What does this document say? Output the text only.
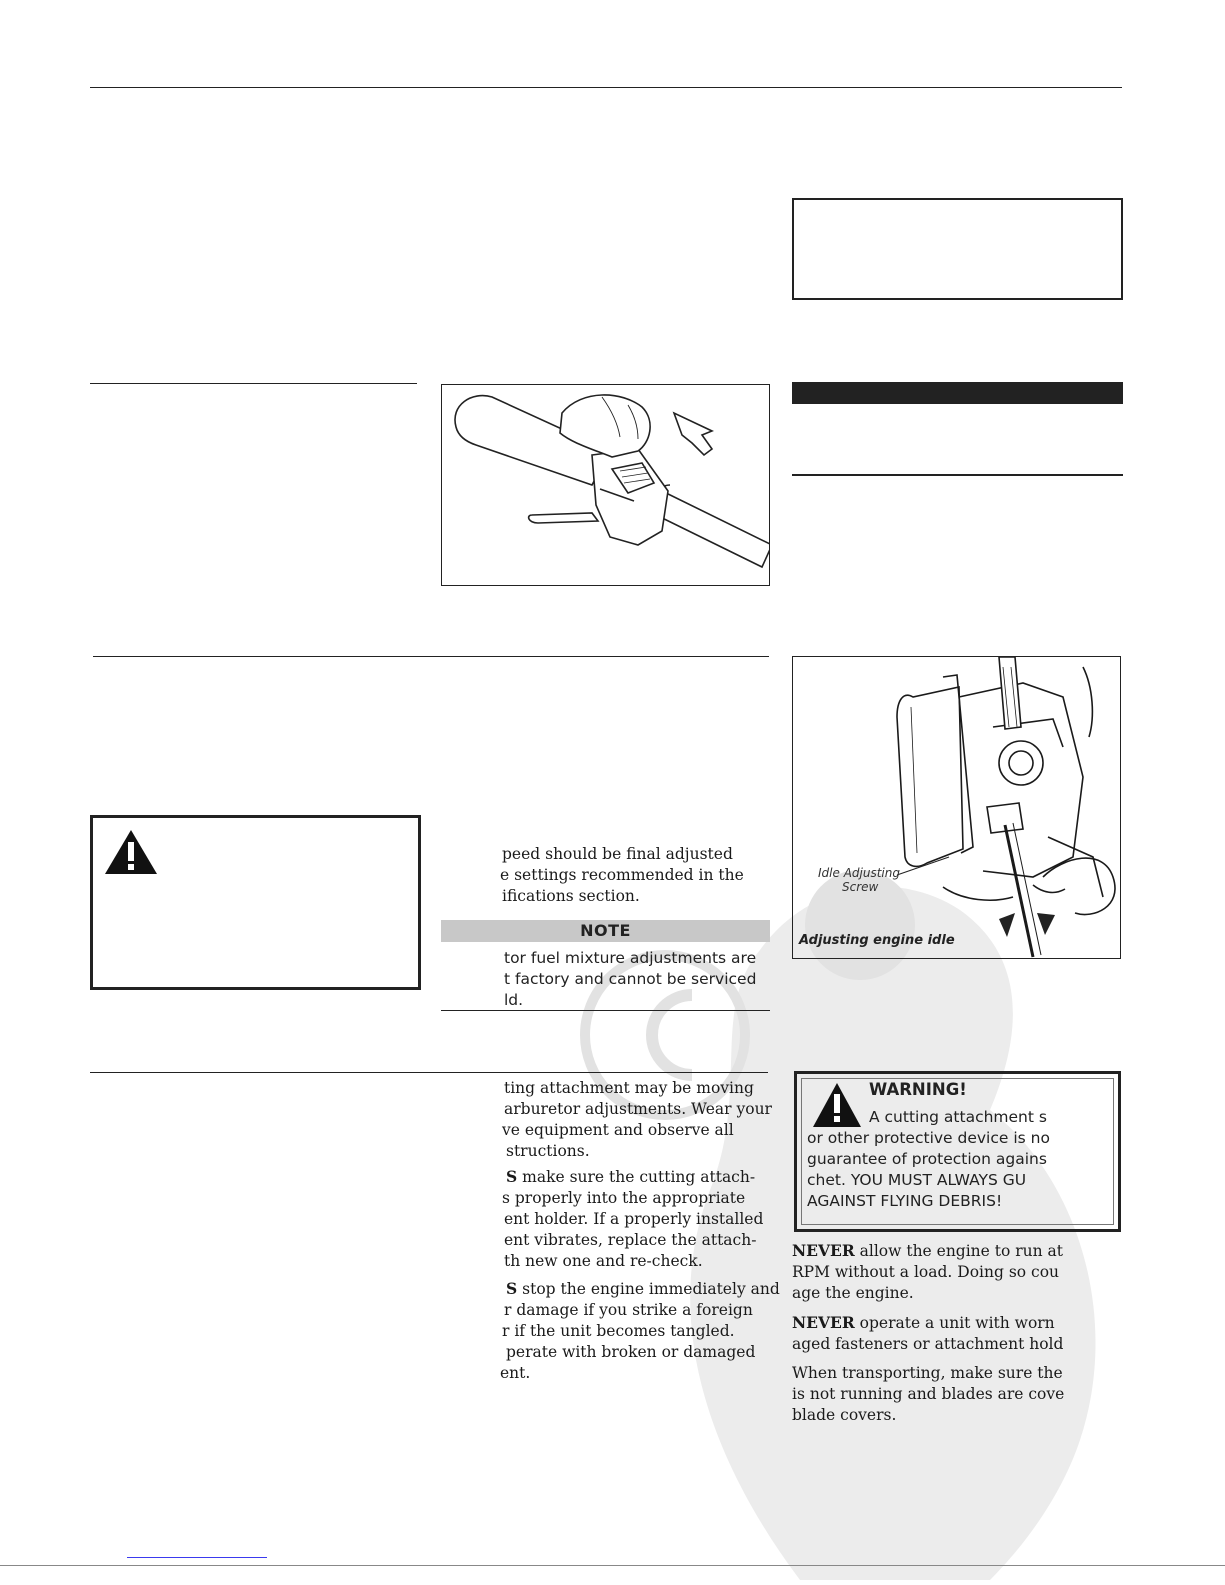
Idle Adjusting
Screw
Adjusting engine idle
peed should be final adjusted
e settings recommended in the
ifications section.
NOTE
tor fuel mixture adjustments are
t factory and cannot be serviced
ld.
ting attachment may be moving
arburetor adjustments. Wear your
ve equipment and observe all
structions.
S make sure the cutting attach-
s properly into the appropriate
ent holder. If a properly installed
ent vibrates, replace the attach-
th new one and re-check.
S stop the engine immediately and
r damage if you strike a foreign
r if the unit becomes tangled.
perate with broken or damaged
ent.
WARNING!
A cutting attachment s
or other protective device is no
guarantee of protection agains
chet. YOU MUST ALWAYS GU
AGAINST FLYING DEBRIS!
NEVER allow the engine to run at
RPM without a load. Doing so cou
age the engine.
NEVER operate a unit with worn
aged fasteners or attachment hold
When transporting, make sure the
is not running and blades are cove
blade covers.
